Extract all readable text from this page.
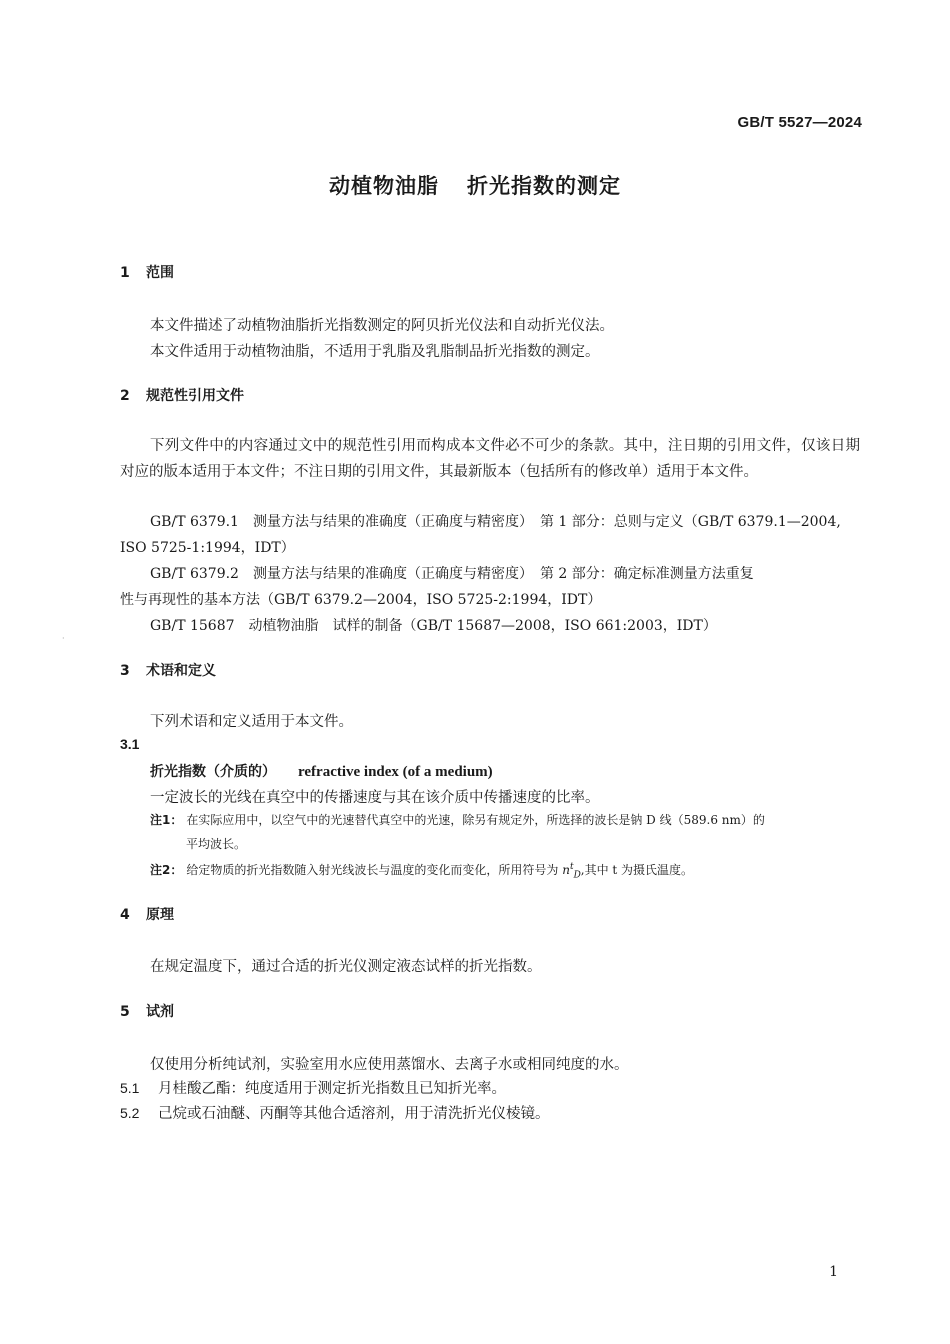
GB/T 5527—2024
动植物油脂 折光指数的测定
1 范围
本文件描述了动植物油脂折光指数测定的阿贝折光仪法和自动折光仪法。
本文件适用于动植物油脂，不适用于乳脂及乳脂制品折光指数的测定。
2 规范性引用文件
下列文件中的内容通过文中的规范性引用而构成本文件必不可少的条款。其中，注日期的引用文件，仅该日期对应的版本适用于本文件；不注日期的引用文件，其最新版本（包括所有的修改单）适用于本文件。
GB/T 6379.1　测量方法与结果的准确度（正确度与精密度）　第 1 部分：总则与定义（GB/T 6379.1—2004,
ISO 5725-1:1994，IDT）
GB/T 6379.2　测量方法与结果的准确度（正确度与精密度）　第 2 部分：确定标准测量方法重复
性与再现性的基本方法（GB/T 6379.2—2004，ISO 5725-2:1994，IDT）
GB/T 15687　动植物油脂　试样的制备（GB/T 15687—2008，ISO 661:2003，IDT）
·
3 术语和定义
下列术语和定义适用于本文件。
3.1
折光指数（介质的） refractive index (of a medium)
一定波长的光线在真空中的传播速度与其在该介质中传播速度的比率。
注1： 在实际应用中，以空气中的光速替代真空中的光速，除另有规定外，所选择的波长是钠 D 线（589.6 nm）的
平均波长。
注2： 给定物质的折光指数随入射光线波长与温度的变化而变化，所用符号为 $n^t_D$,其中 t 为摄氏温度。
4 原理
在规定温度下，通过合适的折光仪测定液态试样的折光指数。
5 试剂
仅使用分析纯试剂，实验室用水应使用蒸馏水、去离子水或相同纯度的水。
5.1 月桂酸乙酯：纯度适用于测定折光指数且已知折光率。
5.2 己烷或石油醚、丙酮等其他合适溶剂，用于清洗折光仪棱镜。
1
